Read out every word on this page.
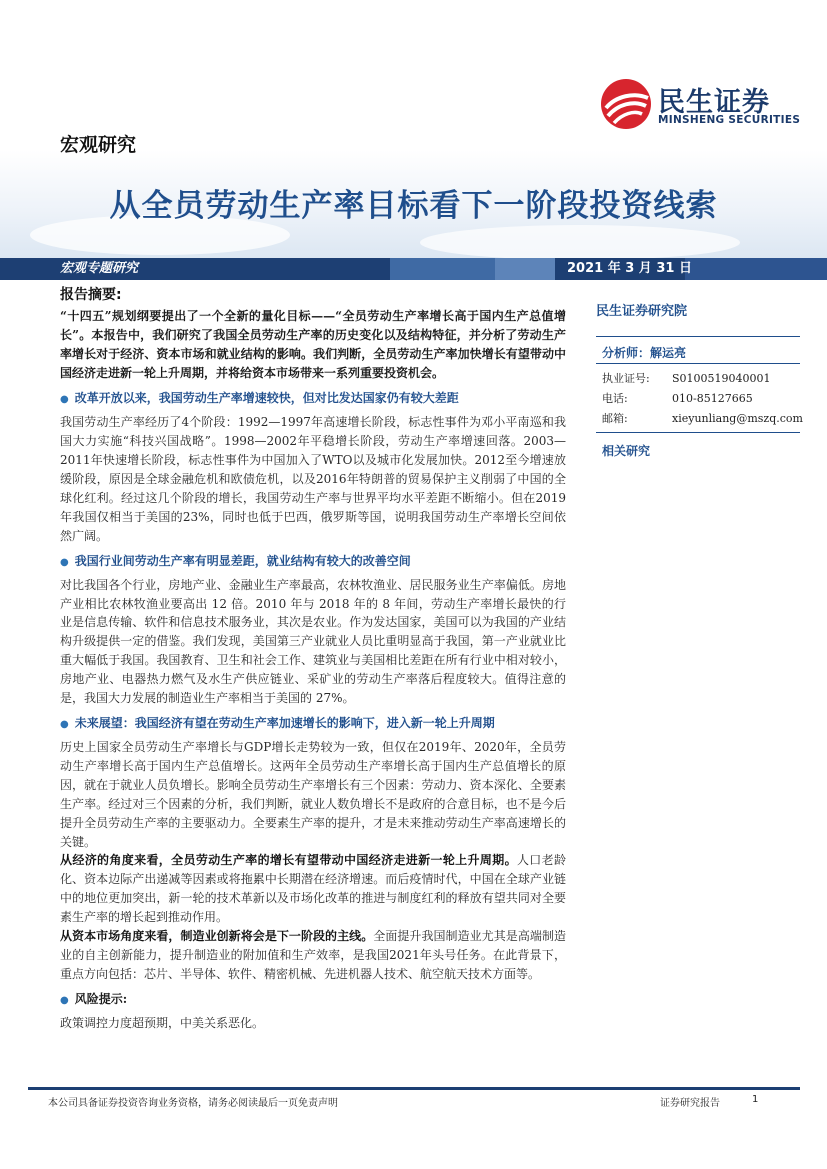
民生证券
MINSHENG SECURITIES
宏观研究
从全员劳动生产率目标看下一阶段投资线索
宏观专题研究	2021 年 3 月 31 日
报告摘要:
“十四五”规划纲要提出了一个全新的量化目标——“全员劳动生产率增长高于国内生产总值增长”。本报告中，我们研究了我国全员劳动生产率的历史变化以及结构特征，并分析了劳动生产率增长对于经济、资本市场和就业结构的影响。我们判断，全员劳动生产率加快增长有望带动中国经济走进新一轮上升周期，并将给资本市场带来一系列重要投资机会。
● 改革开放以来，我国劳动生产率增速较快，但对比发达国家仍有较大差距

我国劳动生产率经历了4个阶段：1992—1997年高速增长阶段，标志性事件为邓小平南巡和我国大力实施“科技兴国战略”。1998—2002年平稳增长阶段，劳动生产率增速回落。2003—2011年快速增长阶段，标志性事件为中国加入了WTO以及城市化发展加快。2012至今增速放缓阶段，原因是全球金融危机和欧债危机，以及2016年特朗普的贸易保护主义削弱了中国的全球化红利。经过这几个阶段的增长，我国劳动生产率与世界平均水平差距不断缩小。但在2019年我国仅相当于美国的23%，同时也低于巴西，俄罗斯等国，说明我国劳动生产率增长空间依然广阔。

● 我国行业间劳动生产率有明显差距，就业结构有较大的改善空间

对比我国各个行业，房地产业、金融业生产率最高，农林牧渔业、居民服务业生产率偏低。房地产业相比农林牧渔业要高出 12 倍。2010 年与 2018 年的 8 年间，劳动生产率增长最快的行业是信息传输、软件和信息技术服务业，其次是农业。作为发达国家，美国可以为我国的产业结构升级提供一定的借鉴。我们发现，美国第三产业就业人员比重明显高于我国，第一产业就业比重大幅低于我国。我国教育、卫生和社会工作、建筑业与美国相比差距在所有行业中相对较小，房地产业、电器热力燃气及水生产供应链业、采矿业的劳动生产率落后程度较大。值得注意的是，我国大力发展的制造业生产率相当于美国的 27%。

● 未来展望：我国经济有望在劳动生产率加速增长的影响下，进入新一轮上升周期

历史上国家全员劳动生产率增长与GDP增长走势较为一致，但仅在2019年、2020年，全员劳动生产率增长高于国内生产总值增长。这两年全员劳动生产率增长高于国内生产总值增长的原因，就在于就业人员负增长。影响全员劳动生产率增长有三个因素：劳动力、资本深化、全要素生产率。经过对三个因素的分析，我们判断，就业人数负增长不是政府的合意目标，也不是今后提升全员劳动生产率的主要驱动力。全要素生产率的提升，才是未来推动劳动生产率高速增长的关键。

从经济的角度来看，全员劳动生产率的增长有望带动中国经济走进新一轮上升周期。人口老龄化、资本边际产出递减等因素或将拖累中长期潜在经济增速。而后疫情时代，中国在全球产业链中的地位更加突出，新一轮的技术革新以及市场化改革的推进与制度红利的释放有望共同对全要素生产率的增长起到推动作用。

从资本市场角度来看，制造业创新将会是下一阶段的主线。全面提升我国制造业尤其是高端制造业的自主创新能力，提升制造业的附加值和生产效率，是我国2021年头号任务。在此背景下，重点方向包括：芯片、半导体、软件、精密机械、先进机器人技术、航空航天技术方面等。

● 风险提示:

政策调控力度超预期，中美关系恶化。

民生证券研究院
分析师：解运亮
执业证号: S0100519040001
电话:	010-85127665
邮箱:	xieyunliang@mszq.com
相关研究
本公司具备证券投资咨询业务资格，请务必阅读最后一页免责声明	证券研究报告	1
